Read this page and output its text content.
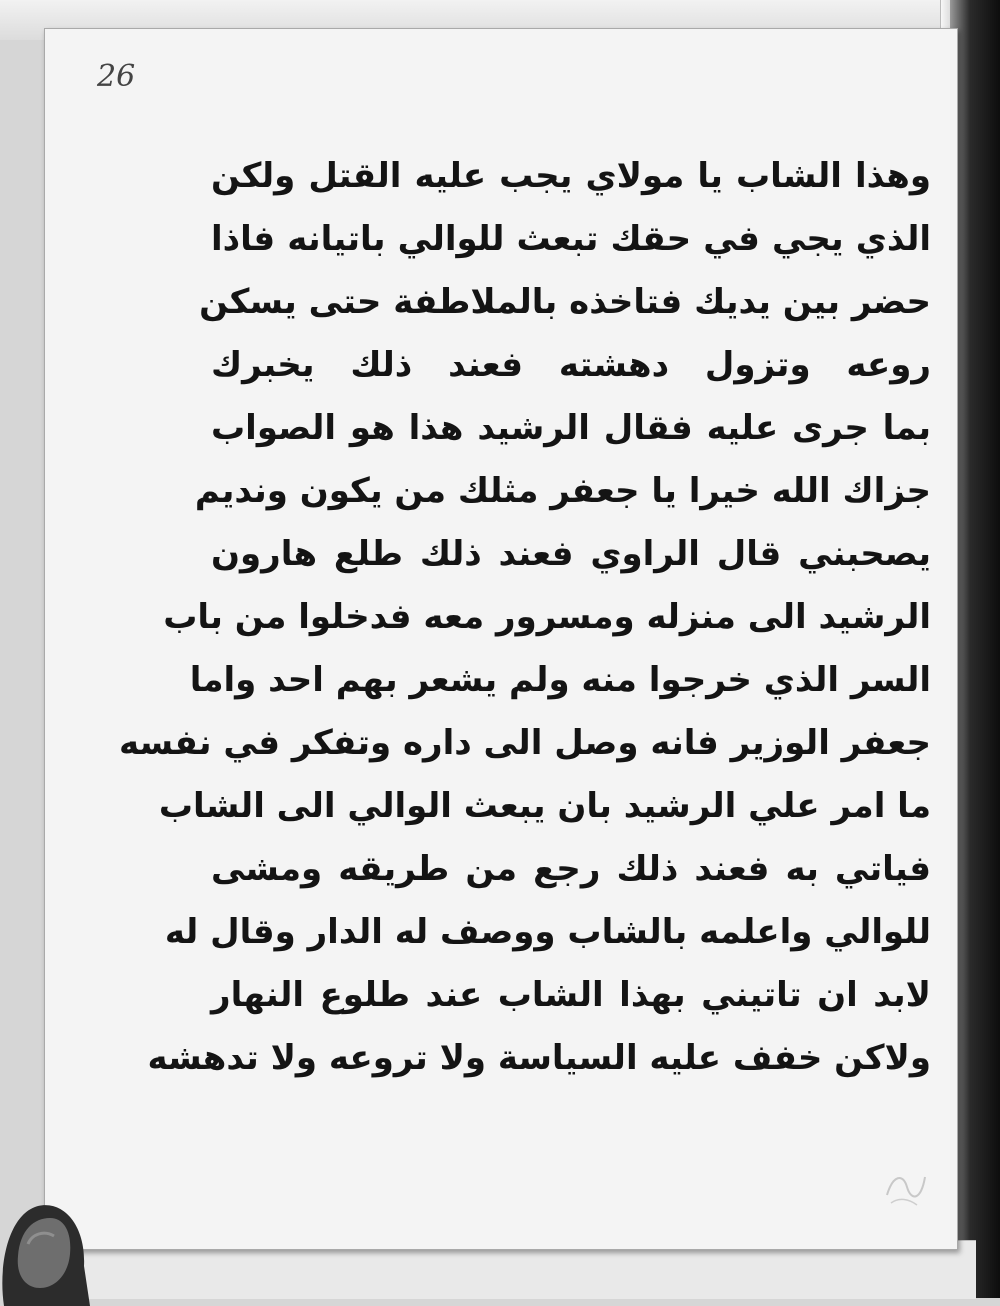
26
وهذا الشاب يا مولاي يجب عليه القتل ولكن
الذي يجي في حقك تبعث للوالي باتيانه فاذا
حضر بين يديك فتاخذه بالملاطفة حتى يسكن
روعه وتزول دهشته فعند ذلك يخبرك
بما جرى عليه فقال الرشيد هذا هو الصواب
جزاك الله خيرا يا جعفر مثلك من يكون ونديم
يصحبني قال الراوي فعند ذلك طلع هارون
الرشيد الى منزله ومسرور معه فدخلوا من باب
السر الذي خرجوا منه ولم يشعر بهم احد واما
جعفر الوزير فانه وصل الى داره وتفكر في نفسه
ما امر علي الرشيد بان يبعث الوالي الى الشاب
فياتي به فعند ذلك رجع من طريقه ومشى
للوالي واعلمه بالشاب ووصف له الدار وقال له
لابد ان تاتيني بهذا الشاب عند طلوع النهار
ولاكن خفف عليه السياسة ولا تروعه ولا تدهشه
